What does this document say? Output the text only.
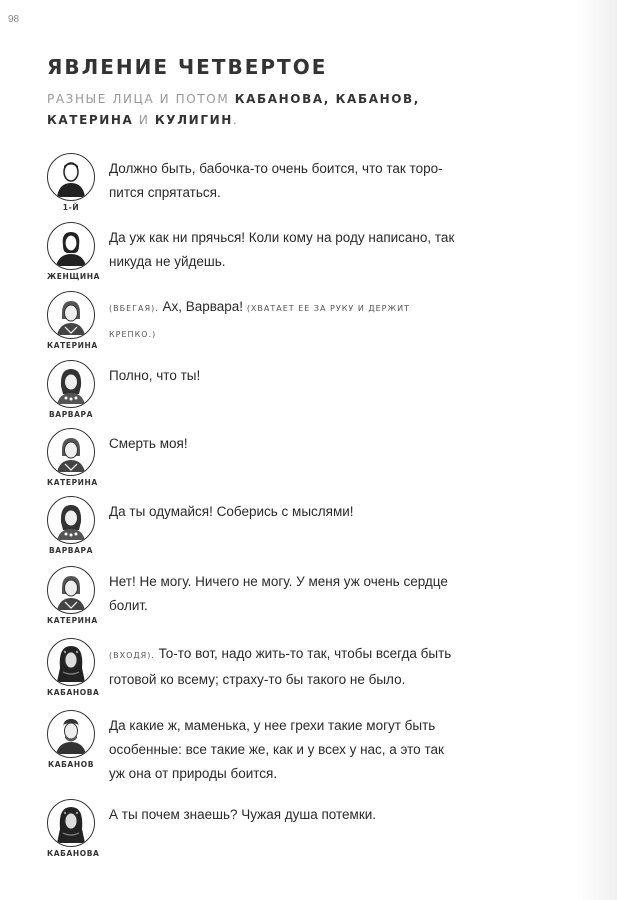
98
ЯВЛЕНИЕ ЧЕТВЕРТОЕ
РАЗНЫЕ ЛИЦА И ПОТОМ КАБАНОВА, КАБАНОВ, КАТЕРИНА И КУЛИГИН.
1-Й
Должно быть, бабочка-то очень боится, что так торо-пится спрятаться.
ЖЕНЩИНА
Да уж как ни прячься! Коли кому на роду написано, так никуда не уйдешь.
КАТЕРИНА
(ВБЕГАЯ). Ах, Варвара! (ХВАТАЕТ ЕЕ ЗА РУКУ И ДЕРЖИТ КРЕПКО.)
ВАРВАРА
Полно, что ты!
КАТЕРИНА
Смерть моя!
ВАРВАРА
Да ты одумайся! Соберись с мыслями!
КАТЕРИНА
Нет! Не могу. Ничего не могу. У меня уж очень сердце болит.
КАБАНОВА
(ВХОДЯ). То-то вот, надо жить-то так, чтобы всегда быть готовой ко всему; страху-то бы такого не было.
КАБАНОВ
Да какие ж, маменька, у нее грехи такие могут быть особенные: все такие же, как и у всех у нас, а это так уж она от природы боится.
КАБАНОВА
А ты почем знаешь? Чужая душа потемки.
